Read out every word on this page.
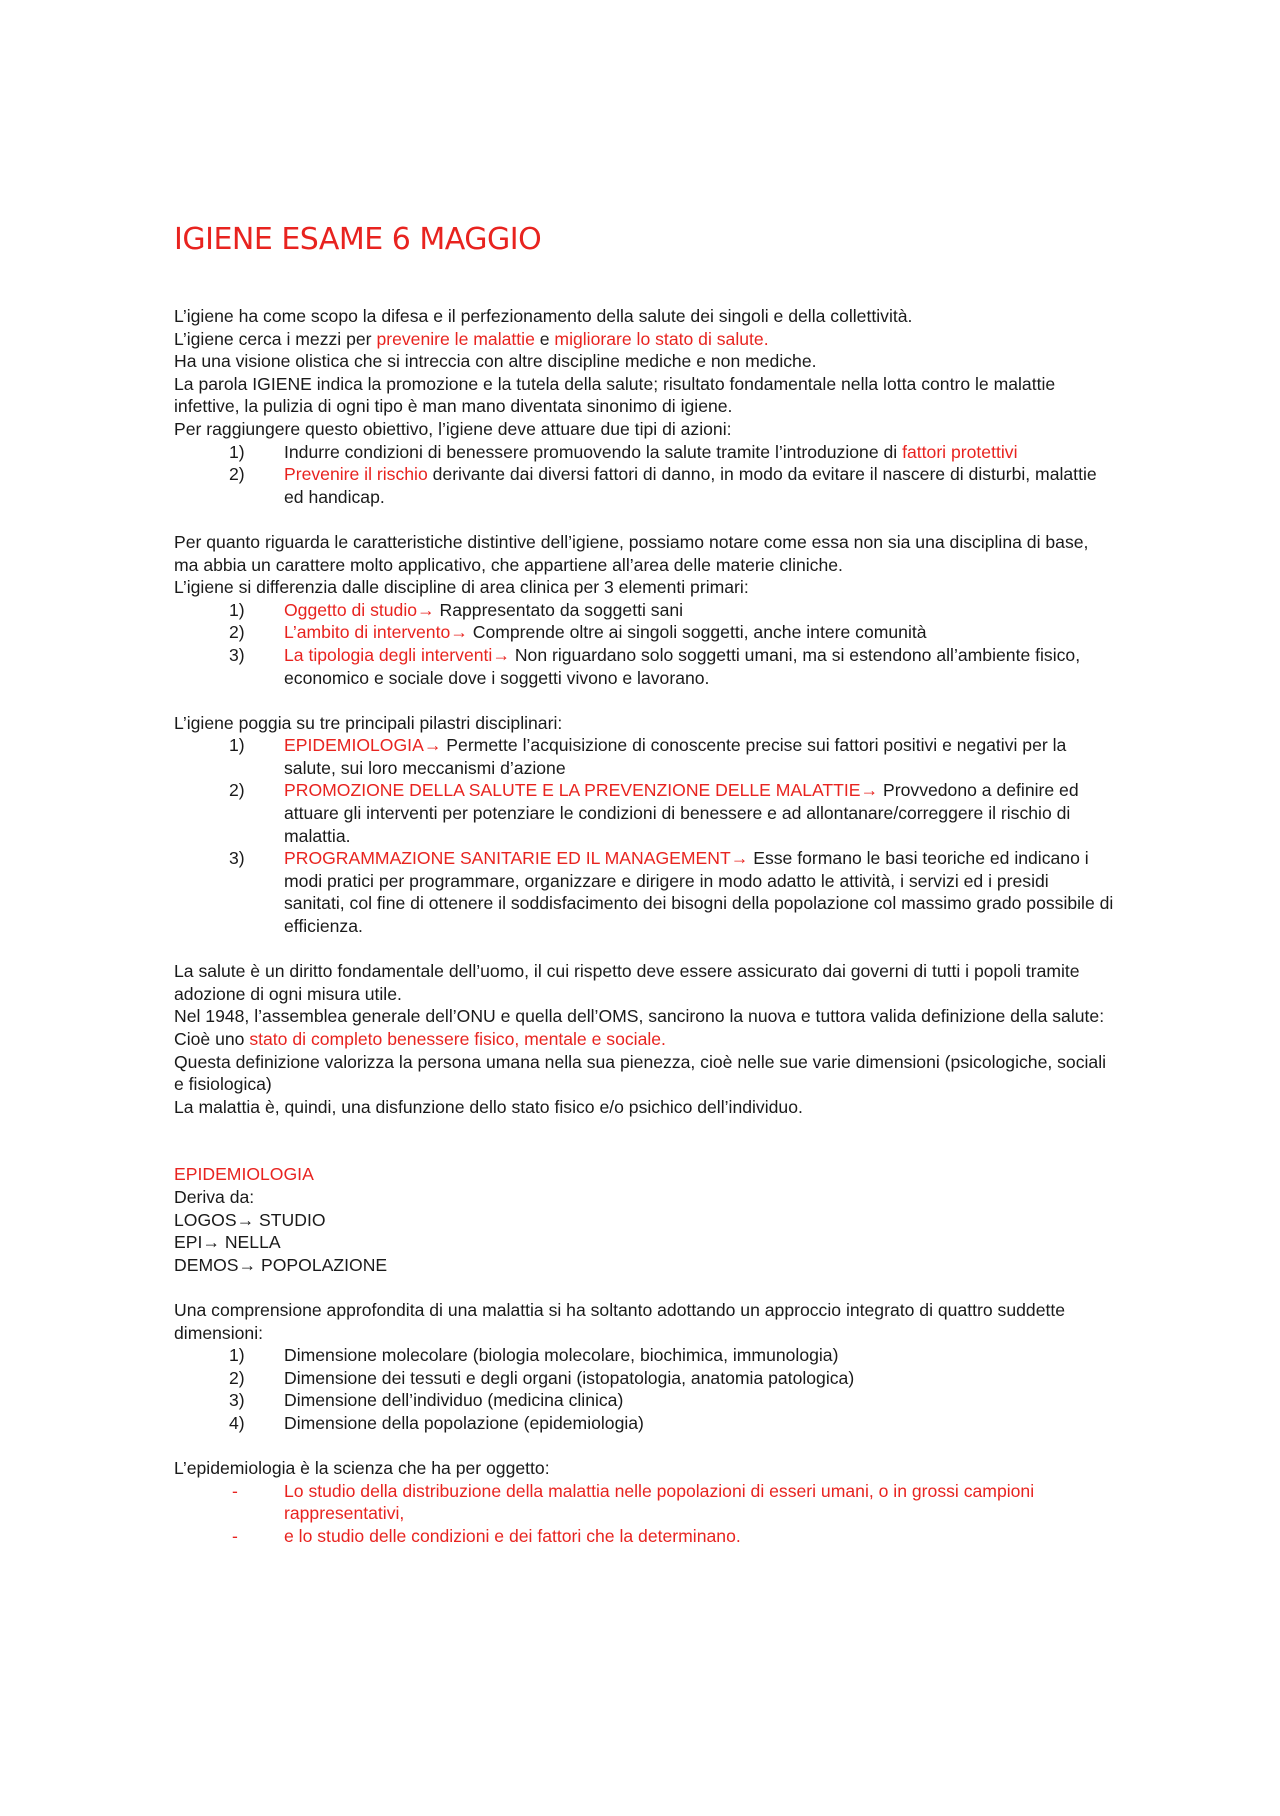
IGIENE ESAME 6 MAGGIO

L’igiene ha come scopo la difesa e il perfezionamento della salute dei singoli e della collettività.

L’igiene cerca i mezzi per prevenire le malattie e migliorare lo stato di salute.

Ha una visione olistica che si intreccia con altre discipline mediche e non mediche.

La parola IGIENE indica la promozione e la tutela della salute; risultato fondamentale nella lotta contro le malattie infettive, la pulizia di ogni tipo è man mano diventata sinonimo di igiene.

Per raggiungere questo obiettivo, l’igiene deve attuare due tipi di azioni:

1) Indurre condizioni di benessere promuovendo la salute tramite l’introduzione di fattori protettivi
2) Prevenire il rischio derivante dai diversi fattori di danno, in modo da evitare il nascere di disturbi, malattie ed handicap.

Per quanto riguarda le caratteristiche distintive dell’igiene, possiamo notare come essa non sia una disciplina di base, ma abbia un carattere molto applicativo, che appartiene all’area delle materie cliniche.

L’igiene si differenzia dalle discipline di area clinica per 3 elementi primari:

1) Oggetto di studio→ Rappresentato da soggetti sani
2) L’ambito di intervento→ Comprende oltre ai singoli soggetti, anche intere comunità
3) La tipologia degli interventi→ Non riguardano solo soggetti umani, ma si estendono all’ambiente fisico, economico e sociale dove i soggetti vivono e lavorano.

L’igiene poggia su tre principali pilastri disciplinari:

1) EPIDEMIOLOGIA→ Permette l’acquisizione di conoscente precise sui fattori positivi e negativi per la salute, sui loro meccanismi d’azione
2) PROMOZIONE DELLA SALUTE E LA PREVENZIONE DELLE MALATTIE→ Provvedono a definire ed attuare gli interventi per potenziare le condizioni di benessere e ad allontanare/correggere il rischio di malattia.
3) PROGRAMMAZIONE SANITARIE ED IL MANAGEMENT→ Esse formano le basi teoriche ed indicano i modi pratici per programmare, organizzare e dirigere in modo adatto le attività, i servizi ed i presidi sanitati, col fine di ottenere il soddisfacimento dei bisogni della popolazione col massimo grado possibile di efficienza.

La salute è un diritto fondamentale dell’uomo, il cui rispetto deve essere assicurato dai governi di tutti i popoli tramite adozione di ogni misura utile.

Nel 1948, l’assemblea generale dell’ONU e quella dell’OMS, sancirono la nuova e tuttora valida definizione della salute: Cioè uno stato di completo benessere fisico, mentale e sociale.

Questa definizione valorizza la persona umana nella sua pienezza, cioè nelle sue varie dimensioni (psicologiche, sociali e fisiologica)

La malattia è, quindi, una disfunzione dello stato fisico e/o psichico dell’individuo.

EPIDEMIOLOGIA

Deriva da:

LOGOS→ STUDIO

EPI→ NELLA

DEMOS→ POPOLAZIONE

Una comprensione approfondita di una malattia si ha soltanto adottando un approccio integrato di quattro suddette dimensioni:

1) Dimensione molecolare (biologia molecolare, biochimica, immunologia)
2) Dimensione dei tessuti e degli organi (istopatologia, anatomia patologica)
3) Dimensione dell’individuo (medicina clinica)
4) Dimensione della popolazione (epidemiologia)

L’epidemiologia è la scienza che ha per oggetto:

-	Lo studio della distribuzione della malattia nelle popolazioni di esseri umani, o in grossi campioni rappresentativi,
-	e lo studio delle condizioni e dei fattori che la determinano.
